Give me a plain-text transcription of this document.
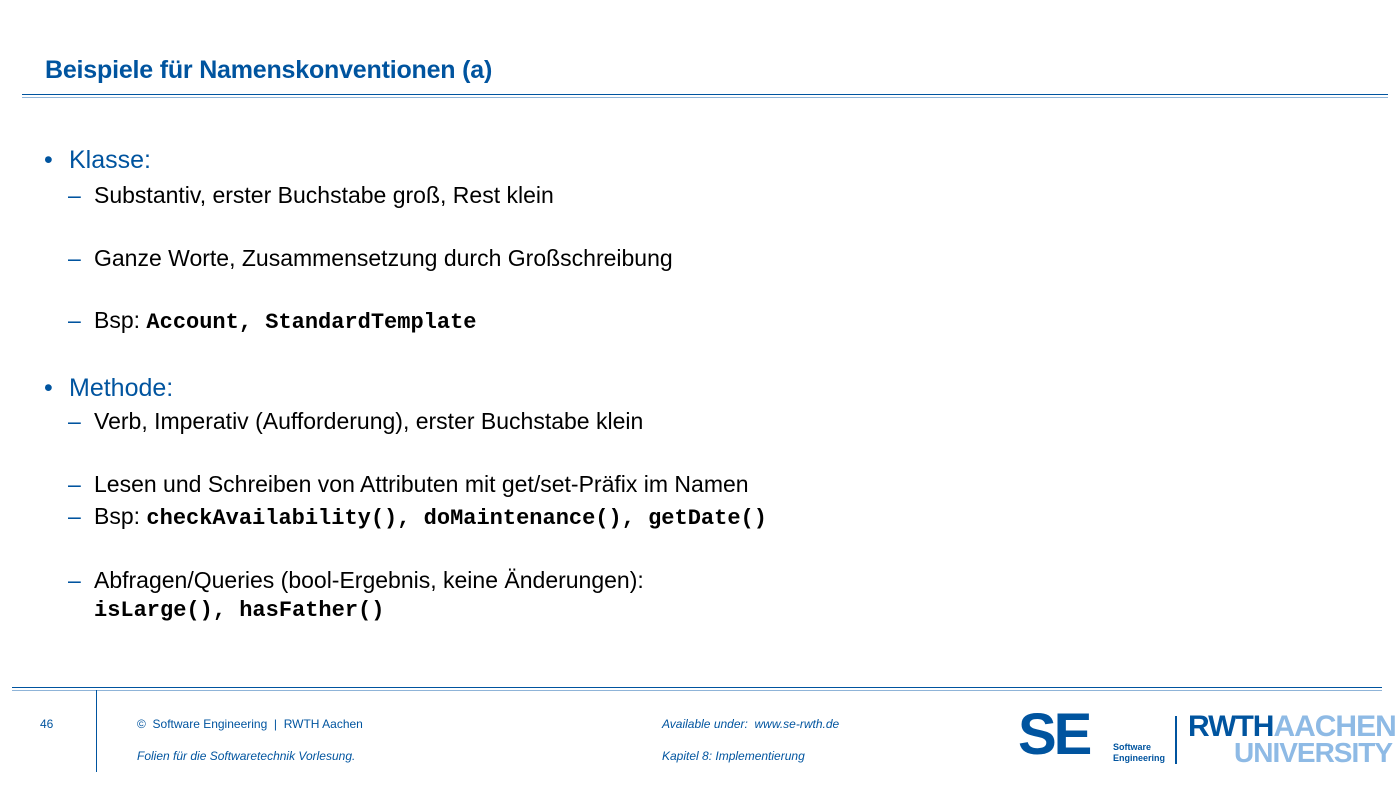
Beispiele für Namenskonventionen (a)
• Klasse:
– Substantiv, erster Buchstabe groß, Rest klein
– Ganze Worte, Zusammensetzung durch Großschreibung
– Bsp: Account, StandardTemplate
• Methode:
– Verb, Imperativ (Aufforderung), erster Buchstabe klein
– Lesen und Schreiben von Attributen mit get/set-Präfix im Namen
– Bsp: checkAvailability(), doMaintenance(), getDate()
– Abfragen/Queries (bool-Ergebnis, keine Änderungen):
isLarge(), hasFather()
46	©  Software Engineering  |  RWTH Aachen
Folien für die Softwaretechnik Vorlesung.
Available under:  www.se-rwth.de
Kapitel 8: Implementierung	SE	Software
Engineering
RWTHAACHEN
UNIVERSITY
